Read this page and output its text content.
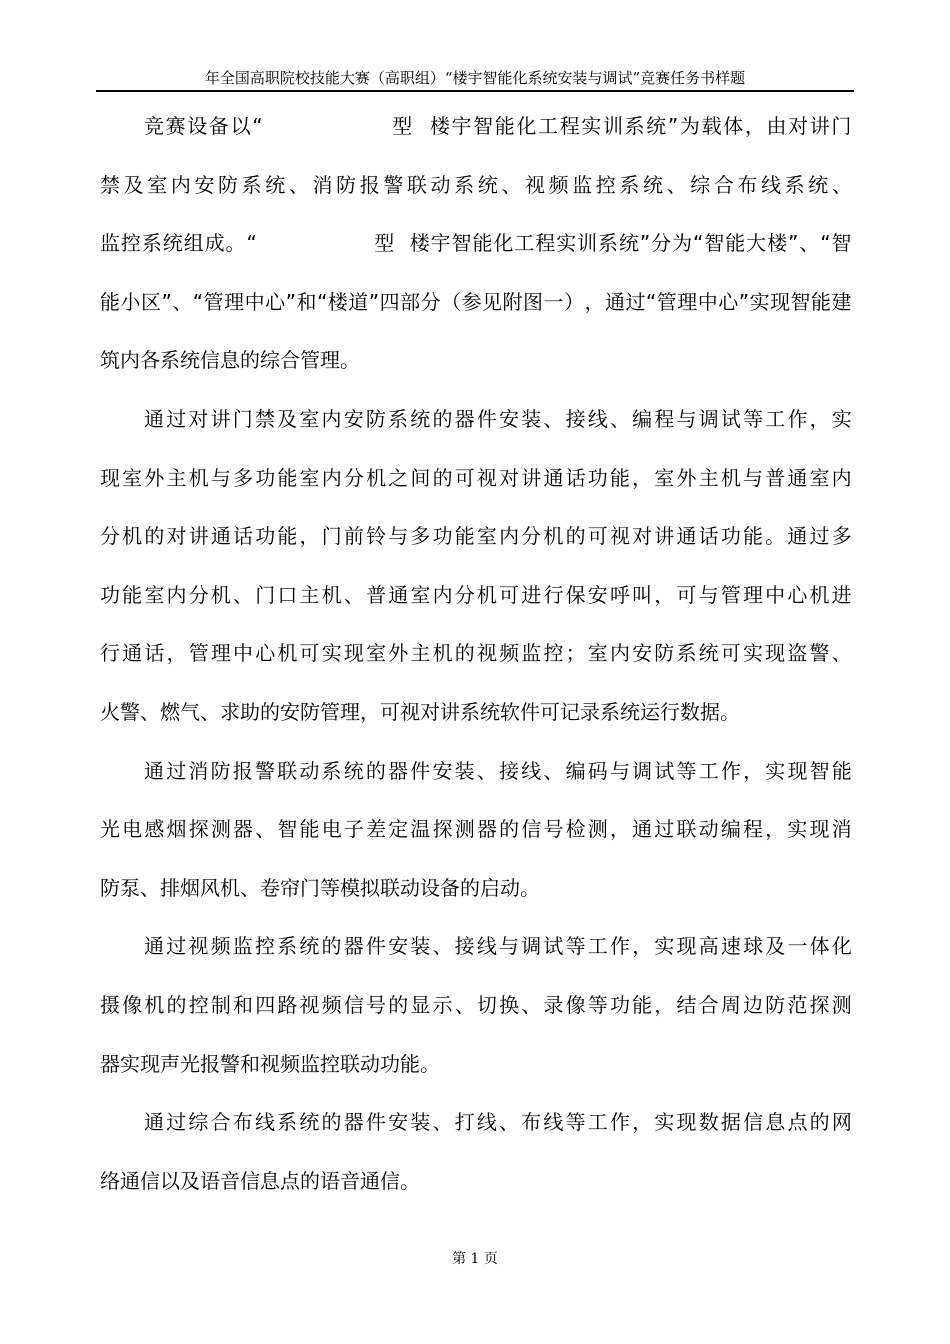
年全国高职院校技能大赛（高职组）“楼宇智能化系统安装与调试”竞赛任务书样题
竞 赛 设 备 以 “

	型

楼 宇 智 能 化 工 程 实 训 系 统 ” 为 载 体 ， 由 对 讲 门
禁 及 室 内 安 防 系 统 、 消 防 报 警 联 动 系 统 、 视 频 监 控 系 统 、 综 合 布 线 系 统 、
监 控 系 统 组 成 。 “

	型

楼 宇 智 能 化 工 程 实 训 系 统 ” 分 为 “ 智 能 大 楼 ” 、 “ 智
能 小 区 ” 、 “ 管 理 中 心 ” 和 “ 楼 道 ” 四 部 分 （ 参 见 附 图 一 ） ， 通 过 “ 管 理 中 心 ” 实 现 智 能 建
筑内各系统信息的综合管理。
通 过 对 讲 门 禁 及 室 内 安 防 系 统 的 器 件 安 装 、 接 线 、 编 程 与 调 试 等 工 作 ， 实
现 室 外 主 机 与 多 功 能 室 内 分 机 之 间 的 可 视 对 讲 通 话 功 能 ， 室 外 主 机 与 普 通 室 内
分 机 的 对 讲 通 话 功 能 ， 门 前 铃 与 多 功 能 室 内 分 机 的 可 视 对 讲 通 话 功 能 。 通 过 多
功 能 室 内 分 机 、 门 口 主 机 、 普 通 室 内 分 机 可 进 行 保 安 呼 叫 ， 可 与 管 理 中 心 机 进
行 通 话 ， 管 理 中 心 机 可 实 现 室 外 主 机 的 视 频 监 控 ； 室 内 安 防 系 统 可 实 现 盗 警 、
火警、燃气、求助的安防管理，可视对讲系统软件可记录系统运行数据。
通 过 消 防 报 警 联 动 系 统 的 器 件 安 装 、 接 线 、 编 码 与 调 试 等 工 作 ， 实 现 智 能
光 电 感 烟 探 测 器 、 智 能 电 子 差 定 温 探 测 器 的 信 号 检 测 ， 通 过 联 动 编 程 ， 实 现 消
防泵、排烟风机、卷帘门等模拟联动设备的启动。
通 过 视 频 监 控 系 统 的 器 件 安 装 、 接 线 与 调 试 等 工 作 ， 实 现 高 速 球 及 一 体 化
摄 像 机 的 控 制 和 四 路 视 频 信 号 的 显 示 、 切 换 、 录 像 等 功 能 ， 结 合 周 边 防 范 探 测
器实现声光报警和视频监控联动功能。
通 过 综 合 布 线 系 统 的 器 件 安 装 、 打 线 、 布 线 等 工 作 ， 实 现 数 据 信 息 点 的 网
络通信以及语音信息点的语音通信。
第 1 页
